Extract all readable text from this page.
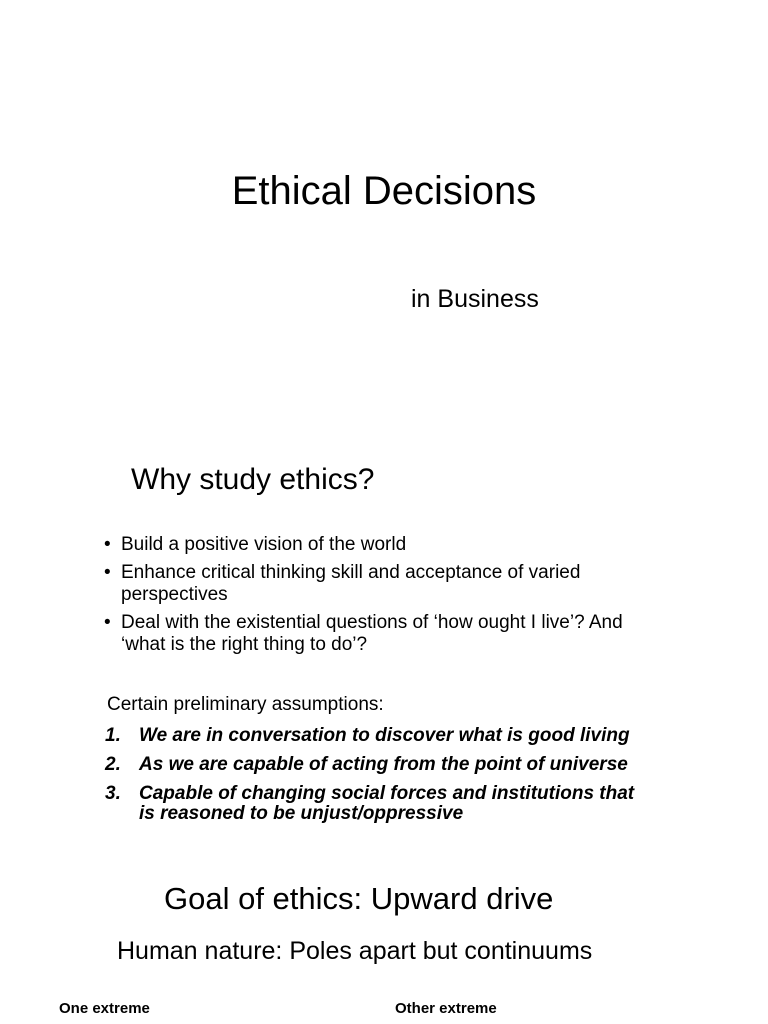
Ethical Decisions
in Business
Why study ethics?
• Build a positive vision of the world
• Enhance critical thinking skill and acceptance of varied perspectives
• Deal with the existential questions of ‘how ought I live’? And ‘what is the right thing to do’?
Certain preliminary assumptions:
1. We are in conversation to discover what is good living
2. As we are capable of acting from the point of universe
3. Capable of changing social forces and institutions that is reasoned to be unjust/oppressive
Goal of ethics: Upward drive
Human nature: Poles apart but continuums
One extreme	Other extreme
